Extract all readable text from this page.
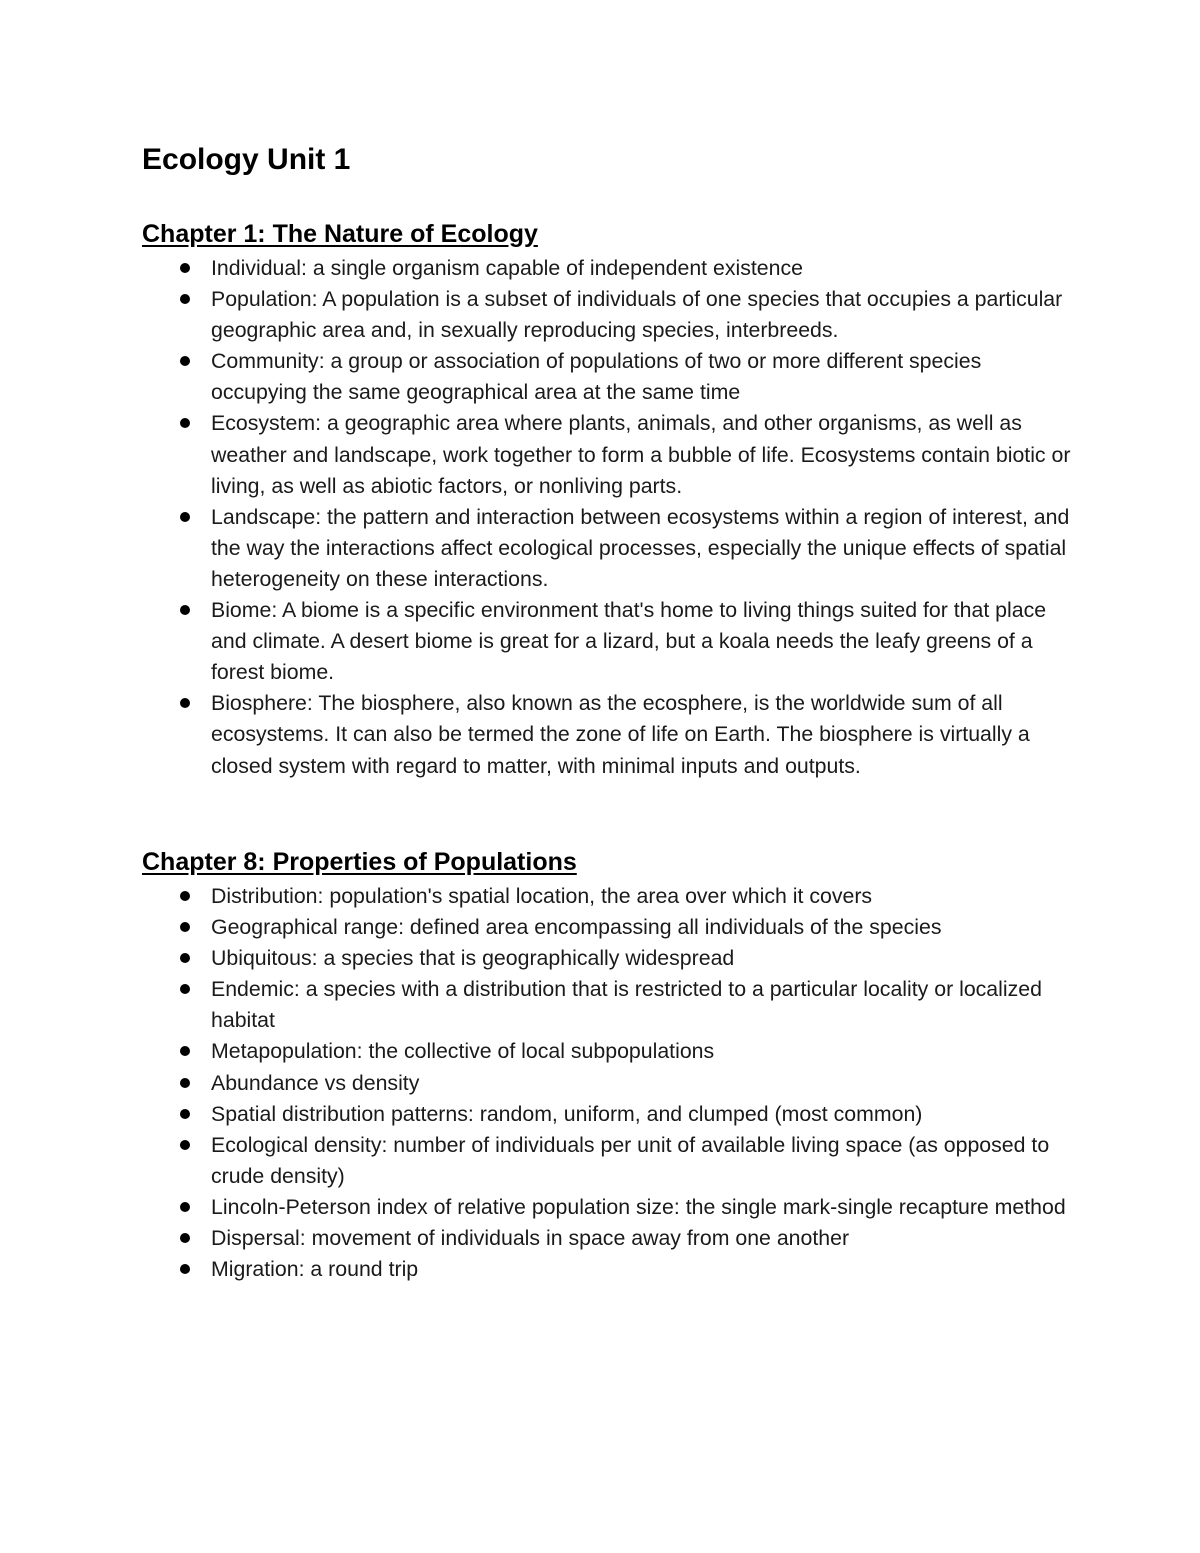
Ecology Unit 1
Chapter 1: The Nature of Ecology
Individual: a single organism capable of independent existence
Population: A population is a subset of individuals of one species that occupies a particular geographic area and, in sexually reproducing species, interbreeds.
Community: a group or association of populations of two or more different species occupying the same geographical area at the same time
Ecosystem: a geographic area where plants, animals, and other organisms, as well as weather and landscape, work together to form a bubble of life. Ecosystems contain biotic or living, as well as abiotic factors, or nonliving parts.
Landscape: the pattern and interaction between ecosystems within a region of interest, and the way the interactions affect ecological processes, especially the unique effects of spatial heterogeneity on these interactions.
Biome: A biome is a specific environment that's home to living things suited for that place and climate. A desert biome is great for a lizard, but a koala needs the leafy greens of a forest biome.
Biosphere: The biosphere, also known as the ecosphere, is the worldwide sum of all ecosystems. It can also be termed the zone of life on Earth. The biosphere is virtually a closed system with regard to matter, with minimal inputs and outputs.
Chapter 8: Properties of Populations
Distribution: population's spatial location, the area over which it covers
Geographical range: defined area encompassing all individuals of the species
Ubiquitous: a species that is geographically widespread
Endemic: a species with a distribution that is restricted to a particular locality or localized habitat
Metapopulation: the collective of local subpopulations
Abundance vs density
Spatial distribution patterns: random, uniform, and clumped (most common)
Ecological density: number of individuals per unit of available living space (as opposed to crude density)
Lincoln-Peterson index of relative population size: the single mark-single recapture method
Dispersal: movement of individuals in space away from one another
Migration: a round trip
